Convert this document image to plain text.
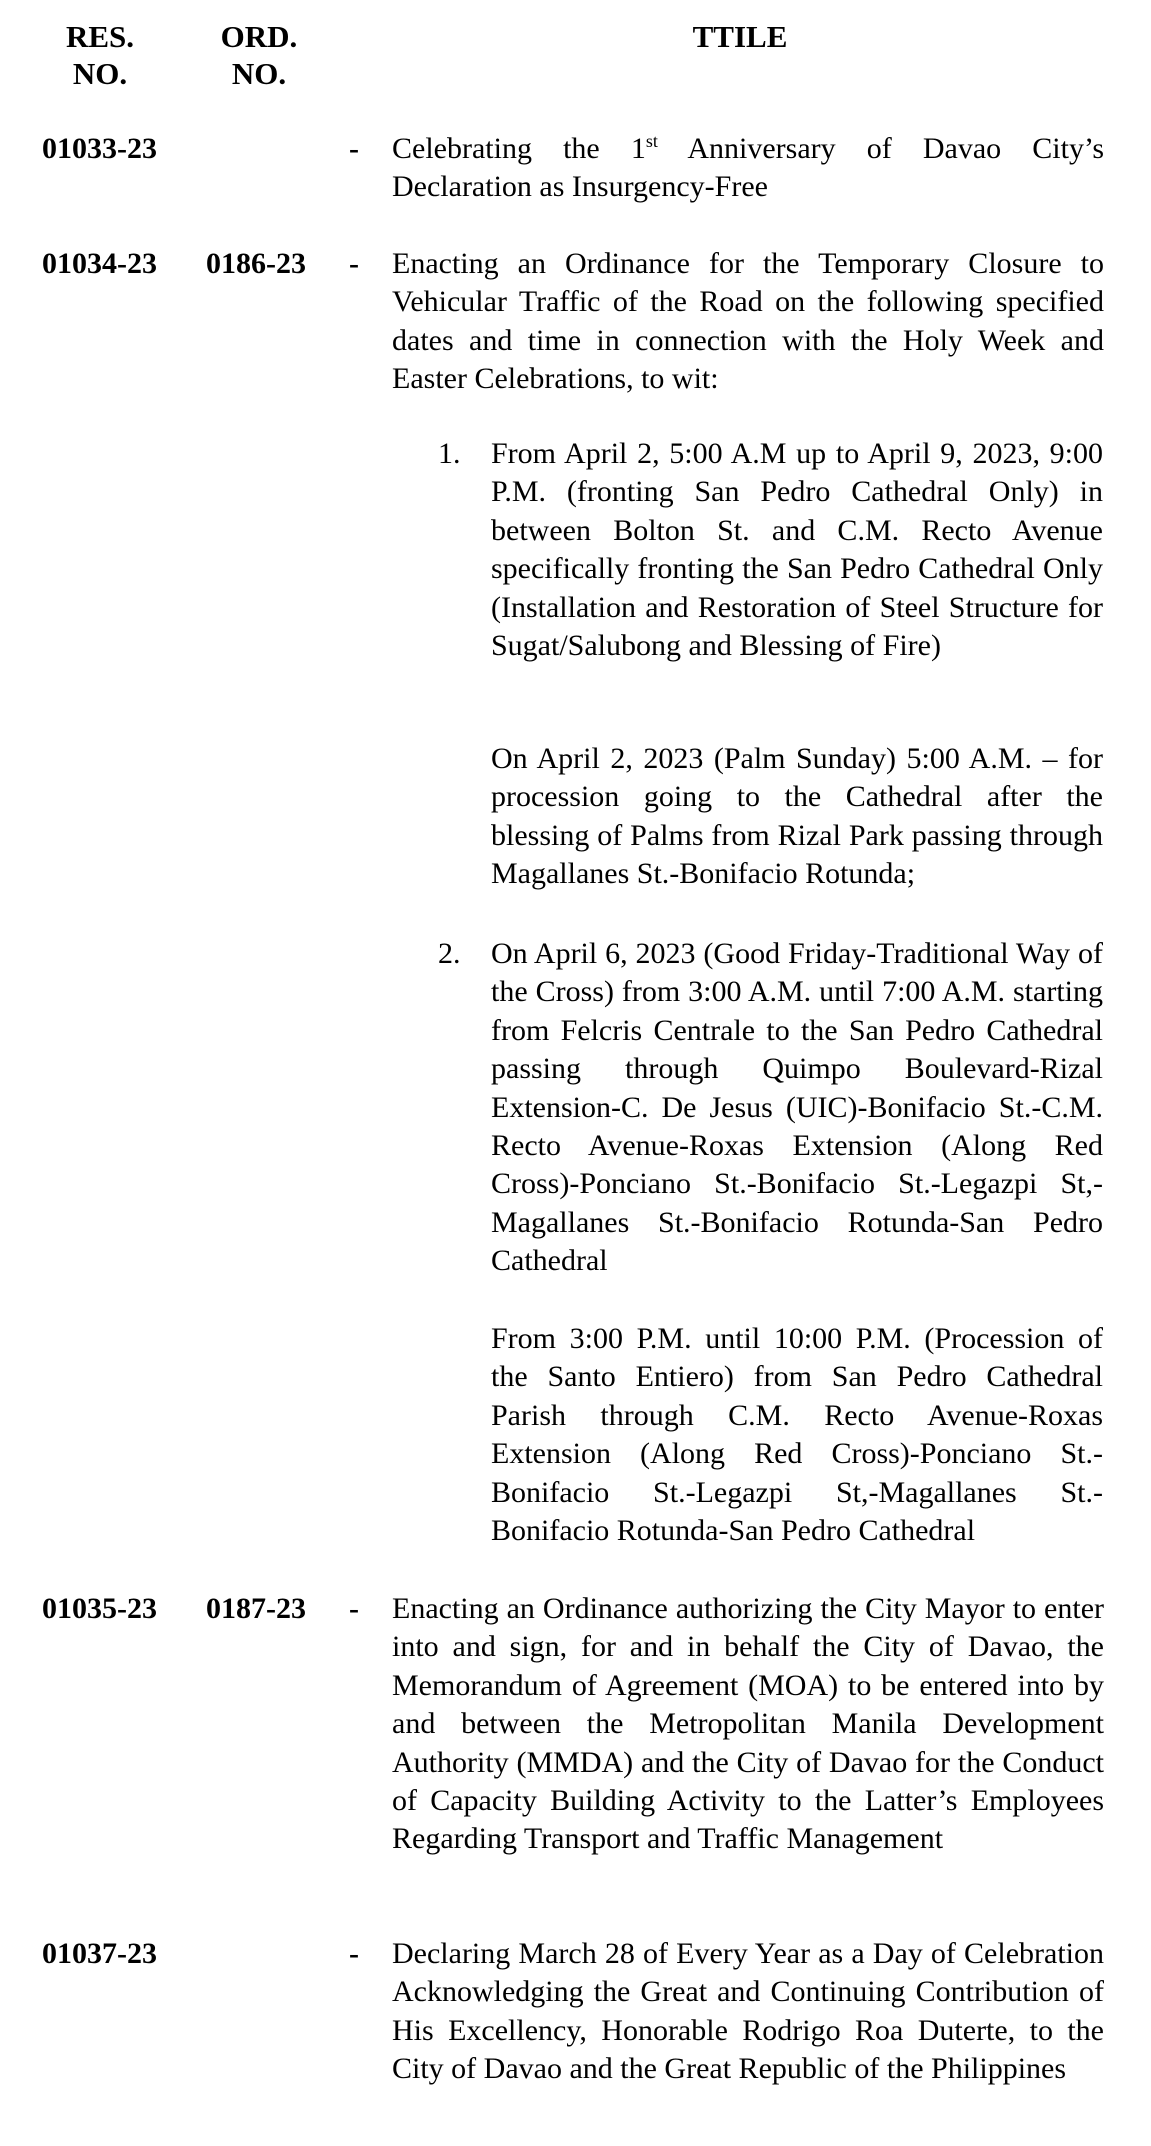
RES.
NO.
ORD.
NO.
TTILE
01033-23	- Celebrating the 1st Anniversary of Davao City’s Declaration as Insurgency-Free

01034-23 0186-23 - Enacting an Ordinance for the Temporary Closure to Vehicular Traffic of the Road on the following specified dates and time in connection with the Holy Week and Easter Celebrations, to wit:

1. From April 2, 5:00 A.M up to April 9, 2023, 9:00 P.M. (fronting San Pedro Cathedral Only) in between Bolton St. and C.M. Recto Avenue specifically fronting the San Pedro Cathedral Only (Installation and Restoration of Steel Structure for Sugat/Salubong and Blessing of Fire)

On April 2, 2023 (Palm Sunday) 5:00 A.M. – for procession going to the Cathedral after the blessing of Palms from Rizal Park passing through Magallanes St.-Bonifacio Rotunda;

2. On April 6, 2023 (Good Friday-Traditional Way of the Cross) from 3:00 A.M. until 7:00 A.M. starting from Felcris Centrale to the San Pedro Cathedral passing through Quimpo Boulevard-Rizal Extension-C. De Jesus (UIC)-Bonifacio St.-C.M. Recto Avenue-Roxas Extension (Along Red Cross)-Ponciano St.-Bonifacio St.-Legazpi St,-Magallanes St.-Bonifacio Rotunda-San Pedro Cathedral

From 3:00 P.M. until 10:00 P.M. (Procession of the Santo Entiero) from San Pedro Cathedral Parish through C.M. Recto Avenue-Roxas Extension (Along Red Cross)-Ponciano St.-Bonifacio St.-Legazpi St,-Magallanes St.-Bonifacio Rotunda-San Pedro Cathedral

01035-23 0187-23 - Enacting an Ordinance authorizing the City Mayor to enter into and sign, for and in behalf the City of Davao, the Memorandum of Agreement (MOA) to be entered into by and between the Metropolitan Manila Development Authority (MMDA) and the City of Davao for the Conduct of Capacity Building Activity to the Latter’s Employees Regarding Transport and Traffic Management

01037-23	- Declaring March 28 of Every Year as a Day of Celebration Acknowledging the Great and Continuing Contribution of His Excellency, Honorable Rodrigo Roa Duterte, to the City of Davao and the Great Republic of the Philippines
